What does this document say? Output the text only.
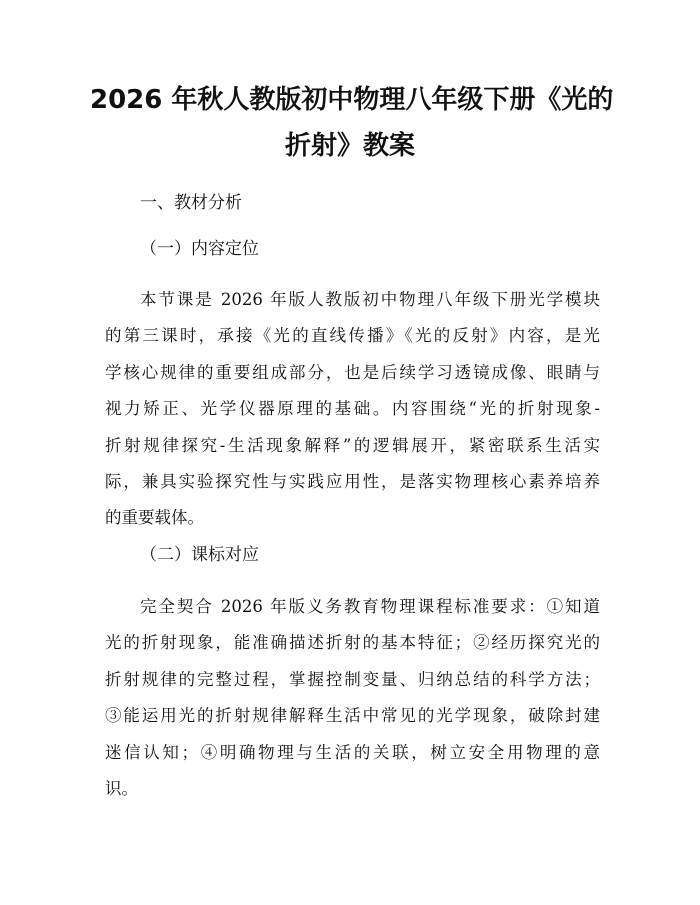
2026 年秋人教版初中物理八年级下册《光的
折射》教案
一、教材分析
（一）内容定位
本节课是 2026 年版人教版初中物理八年级下册光学模块
的第三课时，承接《光的直线传播》《光的反射》内容，是光
学核心规律的重要组成部分，也是后续学习透镜成像、眼睛与
视力矫正、光学仪器原理的基础。内容围绕“光的折射现象-
折射规律探究-生活现象解释”的逻辑展开，紧密联系生活实
际，兼具实验探究性与实践应用性，是落实物理核心素养培养
的重要载体。
（二）课标对应
完全契合 2026 年版义务教育物理课程标准要求：①知道
光的折射现象，能准确描述折射的基本特征；②经历探究光的
折射规律的完整过程，掌握控制变量、归纳总结的科学方法；
③能运用光的折射规律解释生活中常见的光学现象，破除封建
迷信认知；④明确物理与生活的关联，树立安全用物理的意
识。
